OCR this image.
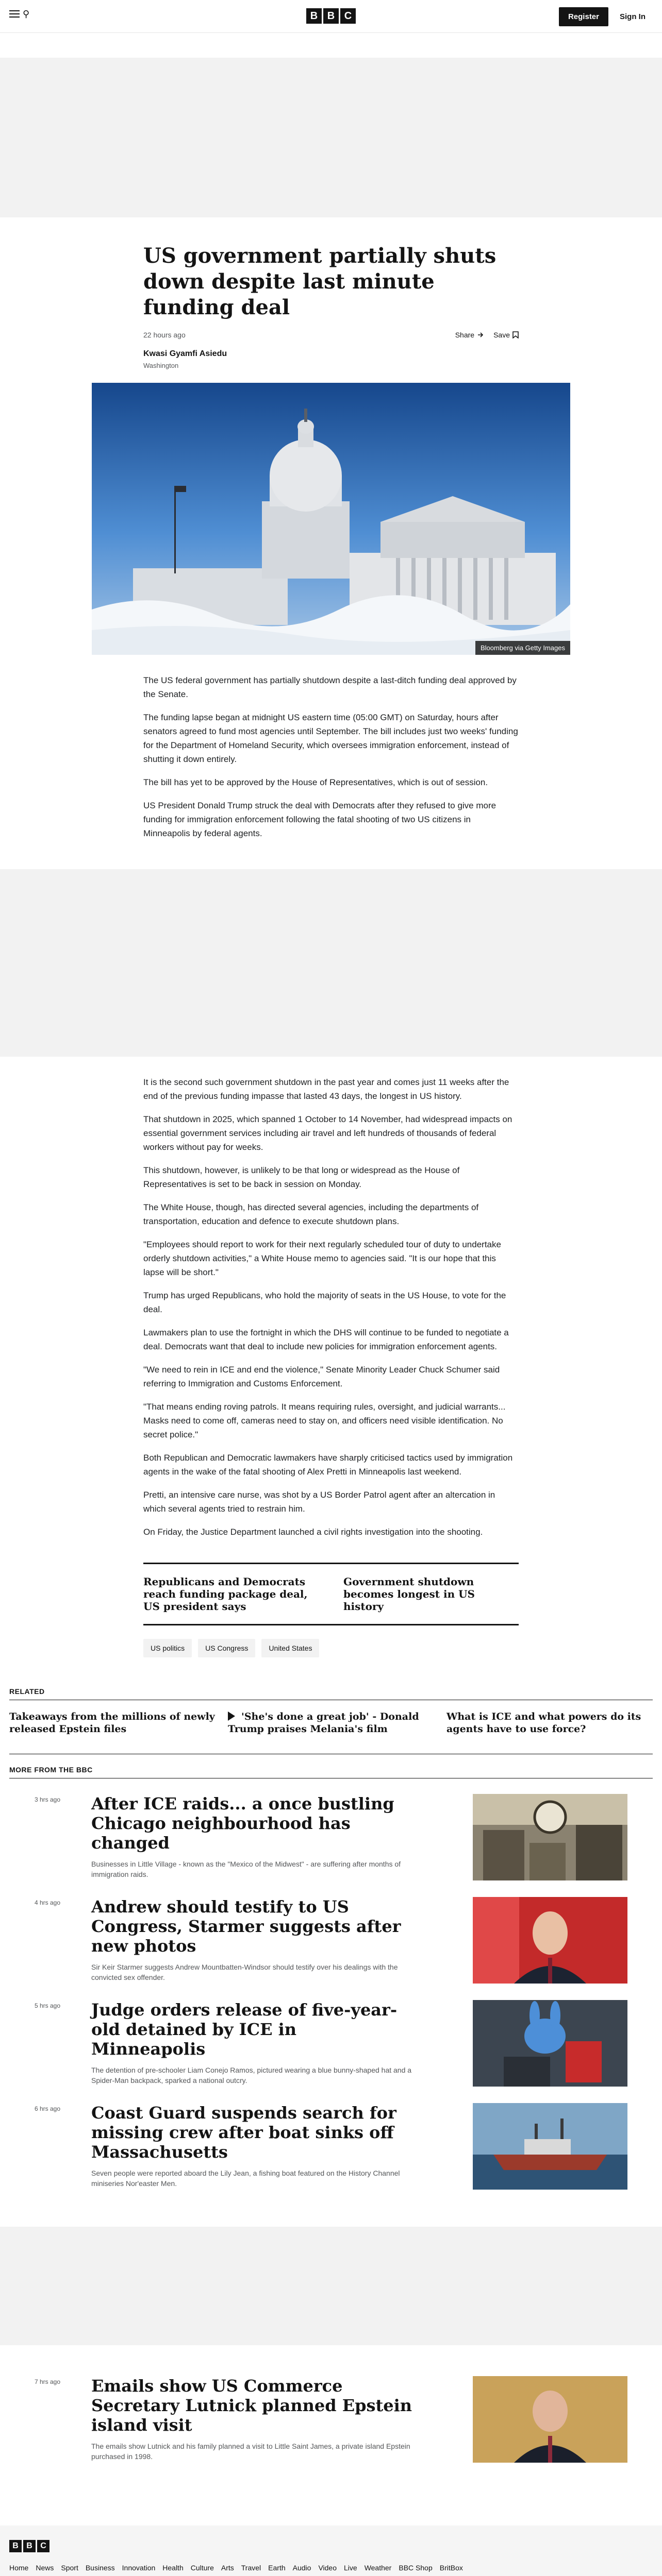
⚲	B B C	Register	Sign In
US government partially shuts down despite last minute funding deal
22 hours ago	Share	Save
Kwasi Gyamfi Asiedu
Washington
Bloomberg via Getty Images

The US federal government has partially shutdown despite a last-ditch funding deal approved by the Senate.

The funding lapse began at midnight US eastern time (05:00 GMT) on Saturday, hours after senators agreed to fund most agencies until September. The bill includes just two weeks' funding for the Department of Homeland Security, which oversees immigration enforcement, instead of shutting it down entirely.

The bill has yet to be approved by the House of Representatives, which is out of session.

US President Donald Trump struck the deal with Democrats after they refused to give more funding for immigration enforcement following the fatal shooting of two US citizens in Minneapolis by federal agents.

It is the second such government shutdown in the past year and comes just 11 weeks after the end of the previous funding impasse that lasted 43 days, the longest in US history.

That shutdown in 2025, which spanned 1 October to 14 November, had widespread impacts on essential government services including air travel and left hundreds of thousands of federal workers without pay for weeks.

This shutdown, however, is unlikely to be that long or widespread as the House of Representatives is set to be back in session on Monday.

The White House, though, has directed several agencies, including the departments of transportation, education and defence to execute shutdown plans.

"Employees should report to work for their next regularly scheduled tour of duty to undertake orderly shutdown activities," a White House memo to agencies said. "It is our hope that this lapse will be short."

Trump has urged Republicans, who hold the majority of seats in the US House, to vote for the deal.

Lawmakers plan to use the fortnight in which the DHS will continue to be funded to negotiate a deal. Democrats want that deal to include new policies for immigration enforcement agents.

"We need to rein in ICE and end the violence," Senate Minority Leader Chuck Schumer said referring to Immigration and Customs Enforcement.

"That means ending roving patrols. It means requiring rules, oversight, and judicial warrants... Masks need to come off, cameras need to stay on, and officers need visible identification. No secret police."

Both Republican and Democratic lawmakers have sharply criticised tactics used by immigration agents in the wake of the fatal shooting of Alex Pretti in Minneapolis last weekend.

Pretti, an intensive care nurse, was shot by a US Border Patrol agent after an altercation in which several agents tried to restrain him.

On Friday, the Justice Department launched a civil rights investigation into the shooting.

Republicans and Democrats reach funding package deal, US president says
Government shutdown becomes longest in US history
US politics	US Congress	United States
RELATED
Takeaways from the millions of newly released Epstein files
'She's done a great job' - Donald Trump praises Melania's film
What is ICE and what powers do its agents have to use force?
MORE FROM THE BBC
3 hrs ago	After ICE raids... a once bustling Chicago neighbourhood has changed

Businesses in Little Village - known as the "Mexico of the Midwest" - are suffering after months of immigration raids.

4 hrs ago	Andrew should testify to US Congress, Starmer suggests after new photos

Sir Keir Starmer suggests Andrew Mountbatten-Windsor should testify over his dealings with the convicted sex offender.

5 hrs ago	Judge orders release of five-year-old detained by ICE in Minneapolis

The detention of pre-schooler Liam Conejo Ramos, pictured wearing a blue bunny-shaped hat and a Spider-Man backpack, sparked a national outcry.

6 hrs ago	Coast Guard suspends search for missing crew after boat sinks off Massachusetts

Seven people were reported aboard the Lily Jean, a fishing boat featured on the History Channel miniseries Nor'easter Men.

7 hrs ago	Emails show US Commerce Secretary Lutnick planned Epstein island visit

The emails show Lutnick and his family planned a visit to Little Saint James, a private island Epstein purchased in 1998.

B B C
Home News Sport Business Innovation Health Culture Arts Travel Earth Audio Video Live Weather BBC Shop BritBox
